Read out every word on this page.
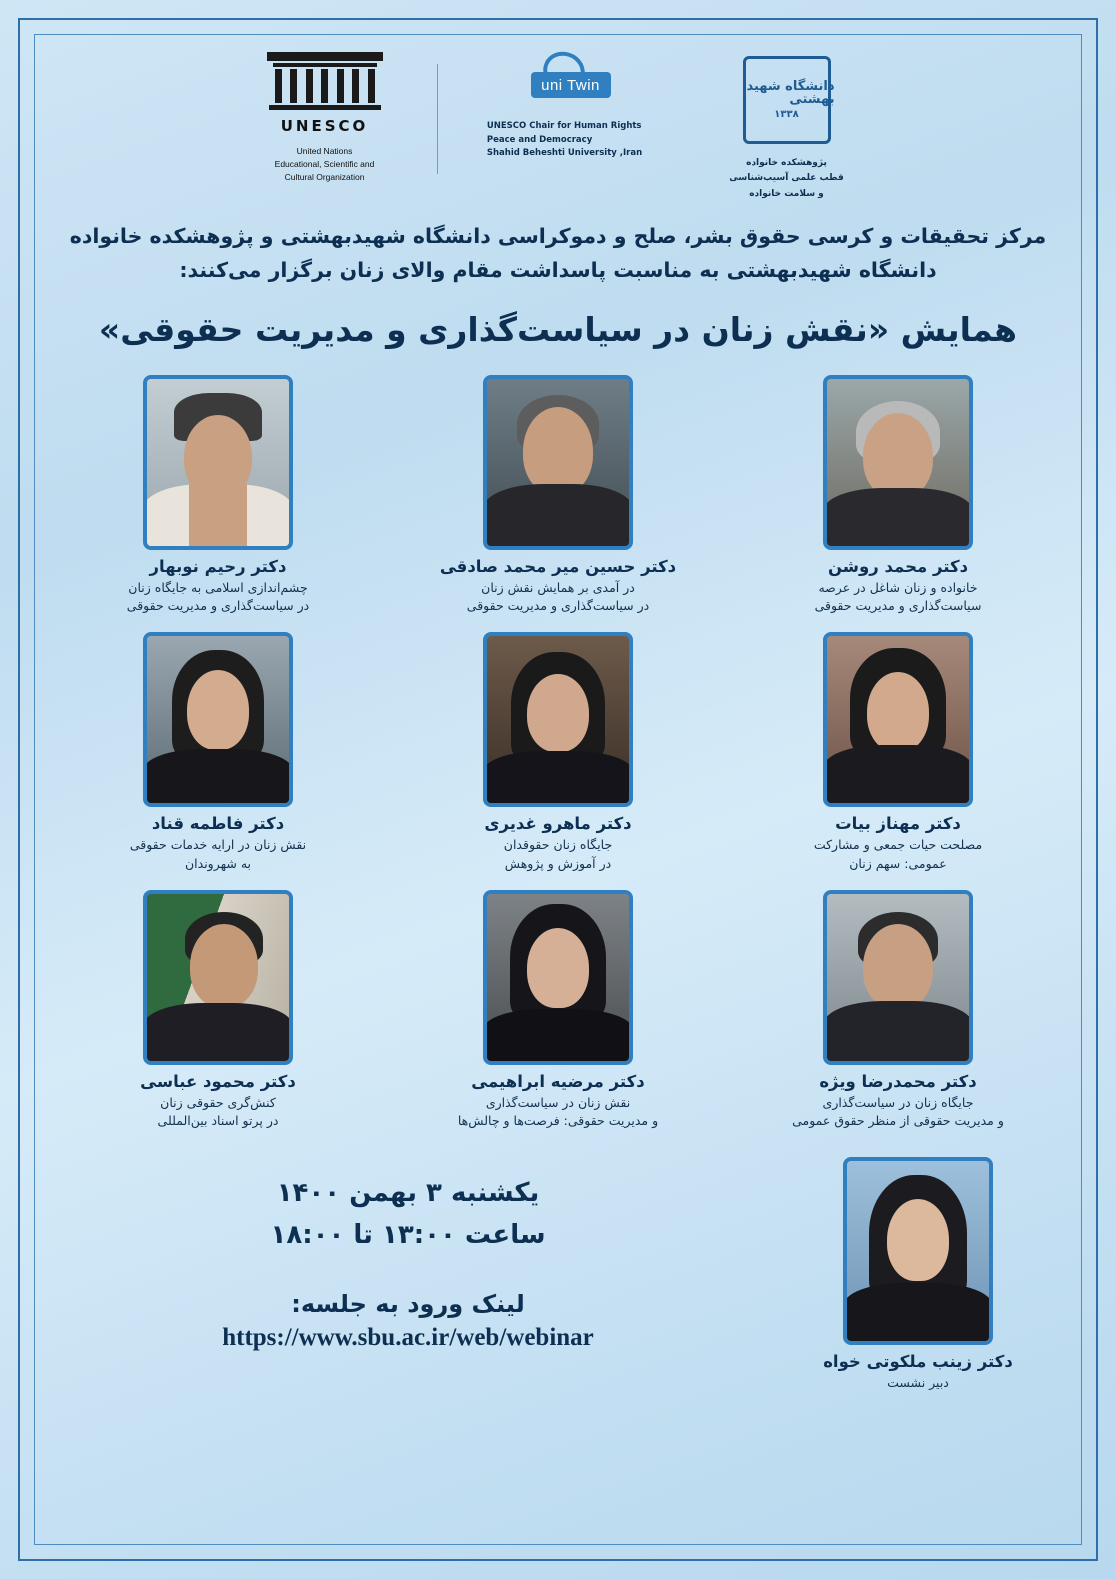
دانشگاه شهید بهشتی
۱۳۳۸
پژوهشکده خانواده
قطب علمی آسیب‌شناسی
و سلامت خانواده
uni Twin
UNESCO Chair for Human Rights
Peace and Democracy
Shahid Beheshti University ,Iran
UNESCO
United Nations
Educational, Scientific and
Cultural Organization
مرکز تحقیقات و کرسی حقوق بشر، صلح و دموکراسی دانشگاه شهیدبهشتی و پژوهشکده خانواده
دانشگاه شهیدبهشتی به مناسبت پاسداشت مقام والای زنان برگزار می‌کنند:
همایش «نقش زنان در سیاست‌گذاری و مدیریت حقوقی»
دکتر محمد روشن
خانواده و زنان شاغل در عرصه
سیاست‌گذاری و مدیریت حقوقی
دکتر حسین میر محمد صادقی
در آمدی بر همایش نقش زنان
در سیاست‌گذاری و مدیریت حقوقی
دکتر رحیم نوبهار
چشم‌اندازی اسلامی به جایگاه زنان
در سیاست‌گذاری و مدیریت حقوقی
دکتر مهناز بیات
مصلحت حیات جمعی و مشارکت
عمومی: سهم زنان
دکتر ماهرو غدیری
جایگاه زنان حقوقدان
در آموزش و پژوهش
دکتر فاطمه قناد
نقش زنان در ارایه خدمات حقوقی
به شهروندان
دکتر محمدرضا ویژه
جایگاه زنان در سیاست‌گذاری
و مدیریت حقوقی از منظر حقوق عمومی
دکتر مرضیه ابراهیمی
نقش زنان در سیاست‌گذاری
و مدیریت حقوقی: فرصت‌ها و چالش‌ها
دکتر محمود عباسی
کنش‌گری حقوقی زنان
در پرتو اسناد بین‌المللی
دکتر زینب ملکوتی خواه
دبیر نشست
یکشنبه ۳ بهمن ۱۴۰۰
ساعت ۱۳:۰۰ تا ۱۸:۰۰
لینک ورود به جلسه:
https://www.sbu.ac.ir/web/webinar
